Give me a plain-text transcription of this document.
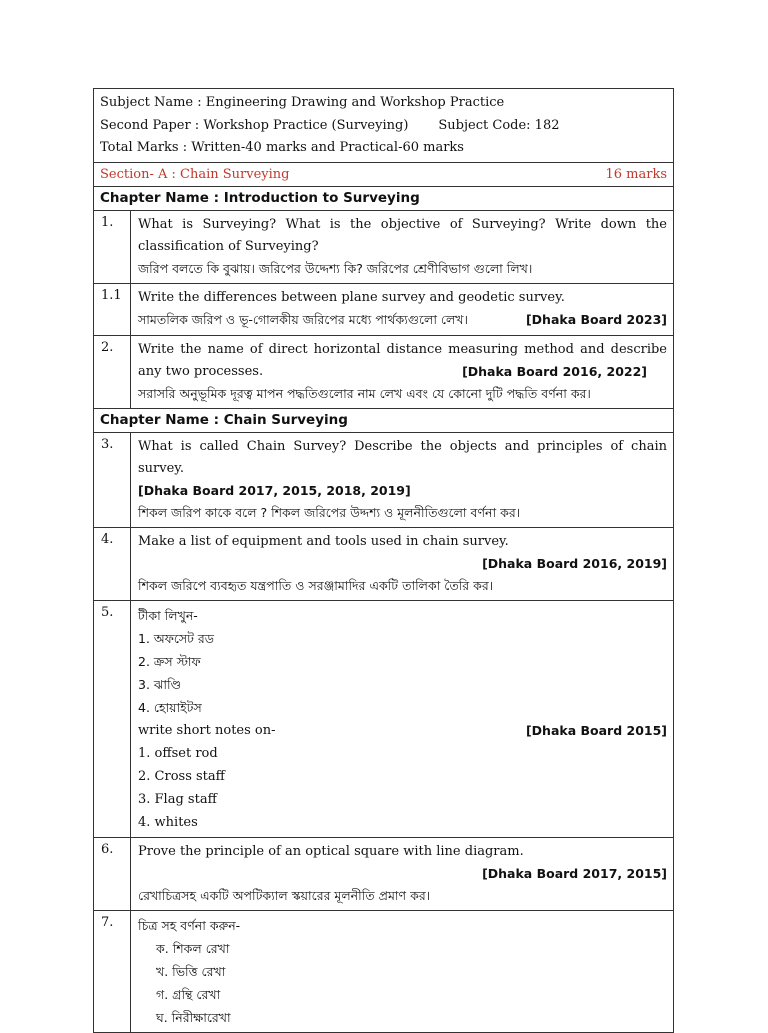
Subject Name : Engineering Drawing and Workshop Practice
Second Paper : Workshop Practice (Surveying) Subject Code: 182
Total Marks : Written-40 marks and Practical-60 marks
Section- A : Chain Surveying	16 marks
Chapter Name : Introduction to Surveying
1.	What is Surveying? What is the objective of Surveying? Write down the classification of Surveying?
জরিপ বলতে কি বুঝায়। জরিপের উদ্দেশ্য কি? জরিপের শ্রেণীবিভাগ গুলো লিখ।
1.1	Write the differences between plane survey and geodetic survey.
সামতলিক জরিপ ও ভূ-গোলকীয় জরিপের মধ্যে পার্থক্যগুলো লেখ।	[Dhaka Board 2023]
2.	Write the name of direct horizontal distance measuring method and describe any two processes.	[Dhaka Board 2016, 2022]
সরাসরি অনুভূমিক দূরত্ব মাপন পদ্ধতিগুলোর নাম লেখ এবং যে কোনো দুটি পদ্ধতি বর্ণনা কর।
Chapter Name : Chain Surveying
3.	What is called Chain Survey? Describe the objects and principles of chain survey.
[Dhaka Board 2017, 2015, 2018, 2019]
শিকল জরিপ কাকে বলে ? শিকল জরিপের উদ্দশ্য ও মূলনীতিগুলো বর্ণনা কর।
4.	Make a list of equipment and tools used in chain survey.
[Dhaka Board 2016, 2019]
শিকল জরিপে ব্যবহৃত যন্ত্রপাতি ও সরঞ্জামাদির একটি তালিকা তৈরি কর।
5.	টীকা লিখুন-
1. অফসেট রড
2. ক্রস স্টাফ
3. ঝাণ্ডি
4. হোয়াইটস
write short notes on-	[Dhaka Board 2015]
1. offset rod
2. Cross staff
3. Flag staff
4. whites
6.	Prove the principle of an optical square with line diagram.
[Dhaka Board 2017, 2015]
রেখাচিত্রসহ একটি অপটিক্যাল স্কয়ারের মূলনীতি প্রমাণ কর।
7.	চিত্র সহ বর্ণনা করুন-
ক. শিকল রেখা
খ. ভিত্তি রেখা
গ. গ্রন্থি রেখা
ঘ. নিরীক্ষারেখা
